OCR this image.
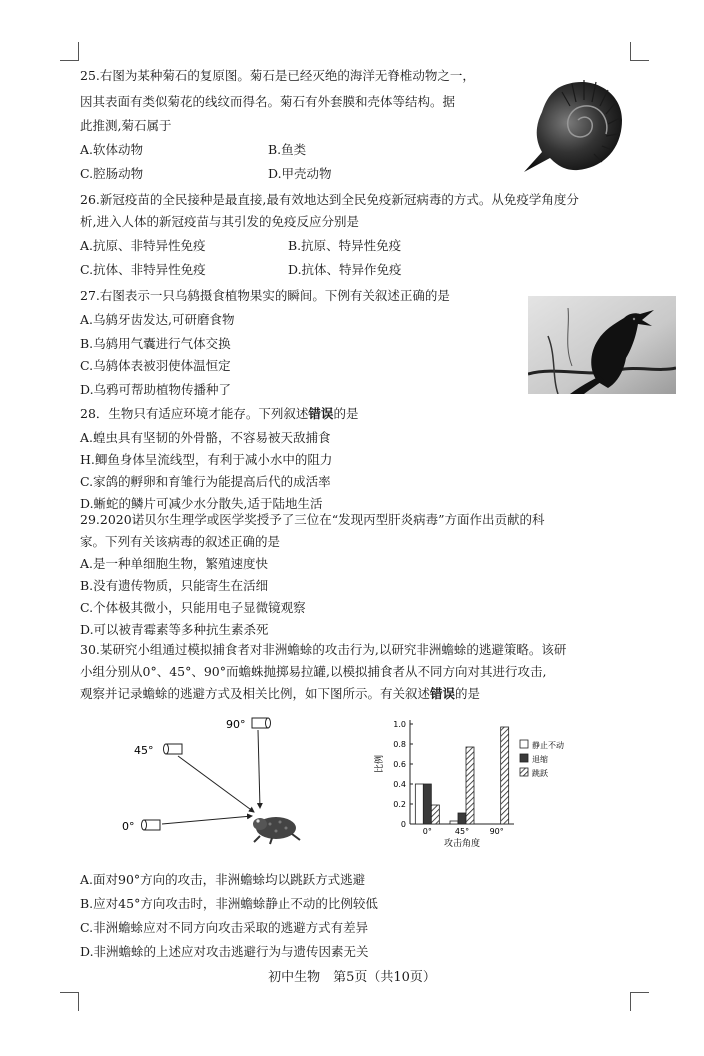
25.右图为某种菊石的复原图。菊石是已经灭绝的海洋无脊椎动物之一，
因其表面有类似菊花的线纹而得名。菊石有外套膜和壳体等结构。据
此推测,菊石属于
A.软体动物	B.鱼类
C.腔肠动物	D.甲壳动物
26.新冠疫苗的全民接种是最直接,最有效地达到全民免疫新冠病毒的方式。从免疫学角度分
析,进入人体的新冠疫苗与其引发的免疫反应分别是
A.抗原、非特异性免疫	B.抗原、特异性免疫
C.抗体、非特异性免疫	D.抗体、特异作免疫
27.右图表示一只乌鸫摄食植物果实的瞬间。下例有关叙述正确的是
A.乌鸫牙齿发达,可研磨食物
B.乌鸫用气囊进行气体交换
C.乌鸫体表被羽使体温恒定
D.乌鸦可帮助植物传播种了
28．生物只有适应环境才能存。下列叙述错误的是
A.蝗虫具有坚韧的外骨骼，不容易被天敌捕食
H.鲫鱼身体呈流线型，有利于减小水中的阻力
C.家鸽的孵卵和育雏行为能提高后代的成活率
D.蜥蛇的鳞片可减少水分散失,适于陆地生活
29.2020诺贝尔生理学或医学奖授予了三位在“发现丙型肝炎病毒”方面作出贡献的科
家。下列有关该病毒的叙述正确的是
A.是一种单细胞生物，繁殖速度快
B.没有遗传物质，只能寄生在活细
C.个体极其微小，只能用电子显微镜观察
D.可以被青霉素等多种抗生素杀死
30.某研究小组通过模拟捕食者对非洲蟾蜍的攻击行为,以研究非洲蟾蜍的逃避策略。该研
小组分别从0°、45°、90°而蟾蛛抛掷易拉罐,以模拟捕食者从不同方向对其进行攻击,
观察并记录蟾蜍的逃避方式及相关比例，如下图所示。有关叙述错误的是
90°
45°
0°	0
0.2
0.4
0.6
0.8
1.0
比例
0°	45°	90°
攻击角度
静止不动
退缩
跳跃
A.面对90°方向的攻击，非洲蟾蜍均以跳跃方式逃避
B.应对45°方向攻击时，非洲蟾蜍静止不动的比例较低
C.非洲蟾蜍应对不同方向攻击采取的逃避方式有差异
D.非洲蟾蜍的上述应对攻击逃避行为与遗传因素无关
初中生物　第5页（共10页）
